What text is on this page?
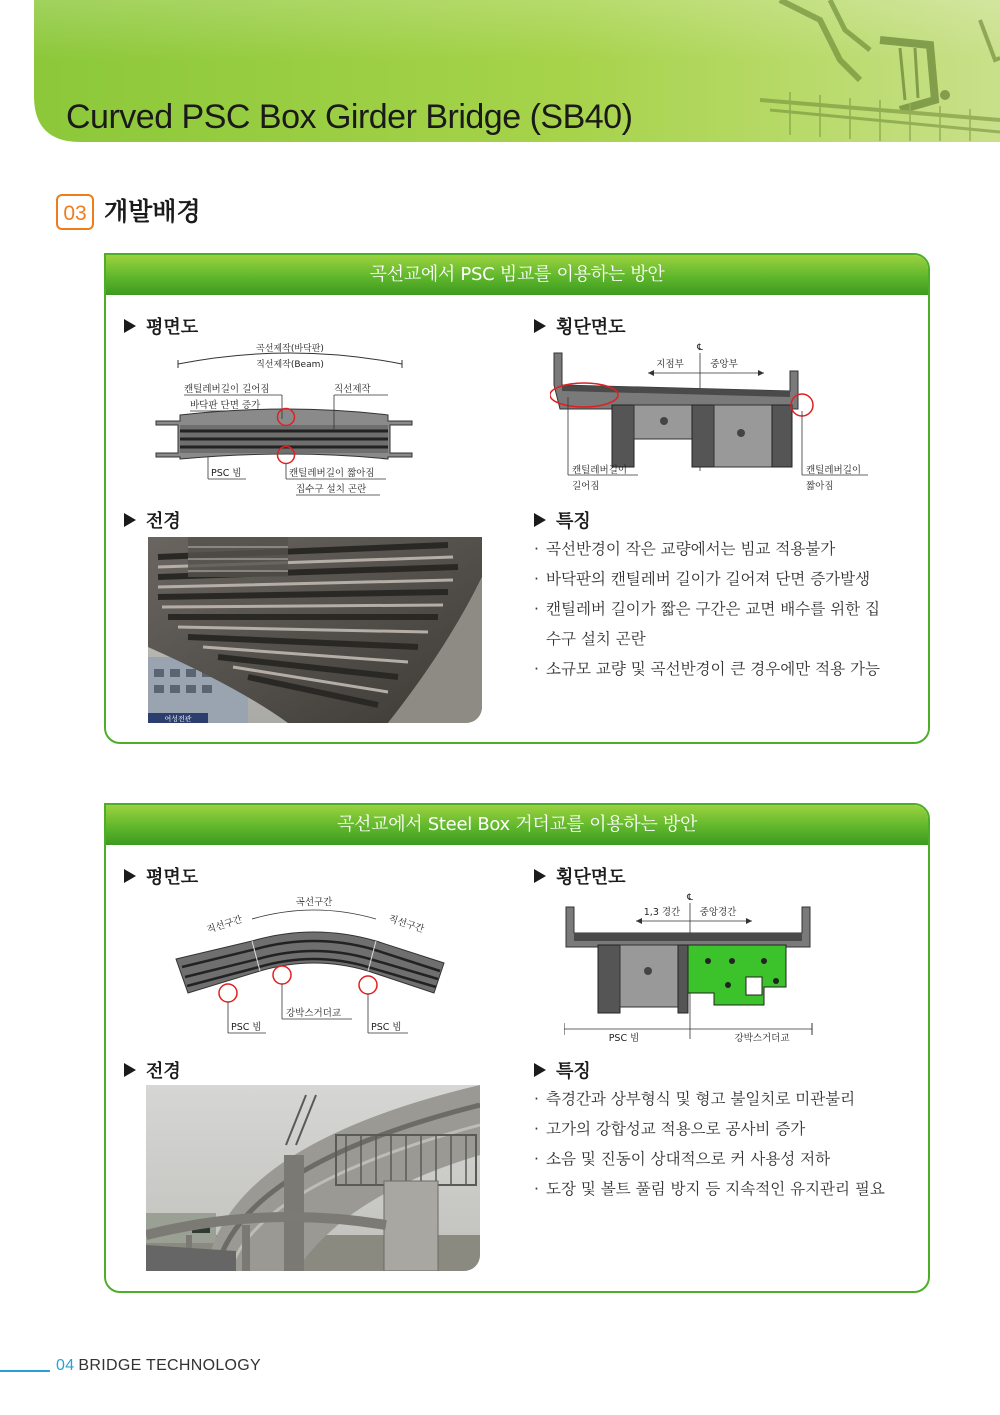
Curved PSC Box Girder Bridge (SB40)
03 개발배경
곡선교에서 PSC 빔교를 이용하는 방안
평면도	횡단면도
전경	특징
곡선제작(바닥판)
직선제작(Beam)
캔틸레버길이 길어짐
바닥판 단면 증가
직선제작
PSC 빔	캔틸레버길이 짧아짐
집수구 설치 곤란
℄
지점부	중앙부
캔틸레버길이
길어짐
캔틸레버길이
짧아짐
여성전관
· 곡선반경이 작은 교량에서는 빔교 적용불가
· 바닥판의 캔틸레버 길이가 길어져 단면 증가발생
· 캔틸레버 길이가 짧은 구간은 교면 배수를 위한 집수구 설치 곤란
· 소규모 교량 및 곡선반경이 큰 경우에만 적용 가능
곡선교에서 Steel Box 거더교를 이용하는 방안
평면도	횡단면도
전경	특징
곡선구간
직선구간	직선구간
PSC 빔
강박스거더교
PSC 빔
℄
1,3 경간 중앙경간
PSC 빔	강박스거더교
· 측경간과 상부형식 및 형고 불일치로 미관불리
· 고가의 강합성교 적용으로 공사비 증가
· 소음 및 진동이 상대적으로 커 사용성 저하
· 도장 및 볼트 풀림 방지 등 지속적인 유지관리 필요
04 BRIDGE TECHNOLOGY
